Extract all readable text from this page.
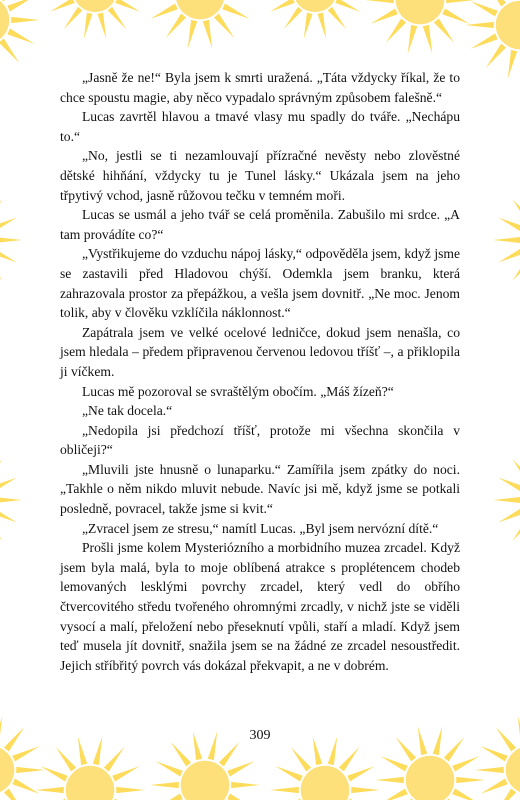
„Jasně že ne!“ Byla jsem k smrti uražená. „Táta vždycky říkal, že to chce spoustu magie, aby něco vypadalo správným způsobem falešně.“

Lucas zavrtěl hlavou a tmavé vlasy mu spadly do tváře. „Nechápu to.“

„No, jestli se ti nezamlouvají přízračné nevěsty nebo zlověstné dětské hihňání, vždycky tu je Tunel lásky.“ Ukázala jsem na jeho třpytivý vchod, jasně růžovou tečku v temném moři.

Lucas se usmál a jeho tvář se celá proměnila. Zabušilo mi srdce. „A tam provádíte co?“

„Vystřikujeme do vzduchu nápoj lásky,“ odpověděla jsem, když jsme se zastavili před Hladovou chýší. Odemkla jsem branku, která zahrazovala prostor za přepážkou, a vešla jsem dovnitř. „Ne moc. Jenom tolik, aby v člověku vzklíčila náklonnost.“

Zapátrala jsem ve velké ocelové ledničce, dokud jsem nenašla, co jsem hledala – předem připravenou červenou ledovou tříšť –, a přiklopila ji víčkem.

Lucas mě pozoroval se svraštělým obočím. „Máš žízeň?“

„Ne tak docela.“

„Nedopila jsi předchozí tříšť, protože mi všechna skončila v obličeji?“

„Mluvili jste hnusně o lunaparku.“ Zamířila jsem zpátky do noci. „Takhle o něm nikdo mluvit nebude. Navíc jsi mě, když jsme se potkali posledně, povracel, takže jsme si kvit.“

„Zvracel jsem ze stresu,“ namítl Lucas. „Byl jsem nervózní dítě.“

Prošli jsme kolem Mysteriózního a morbidního muzea zrcadel. Když jsem byla malá, byla to moje oblíbená atrakce s proplétencem chodeb lemovaných lesklými povrchy zrcadel, který vedl do obřího čtvercovitého středu tvořeného ohromnými zrcadly, v nichž jste se viděli vysocí a malí, přeložení nebo přeseknutí vpůli, staří a mladí. Když jsem teď musela jít dovnitř, snažila jsem se na žádné ze zrcadel nesoustředit. Jejich stříbřitý povrch vás dokázal překvapit, a ne v dobrém.

309
